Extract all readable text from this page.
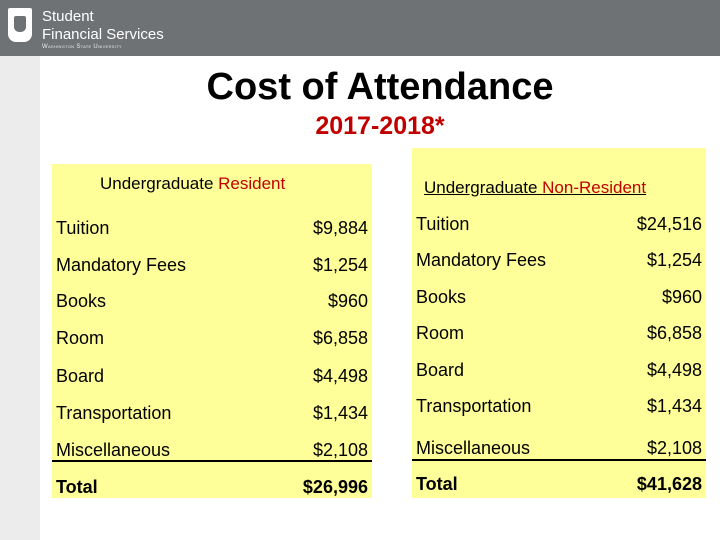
Student
Financial Services
Washington State University
Cost of Attendance
2017-2018*
Undergraduate Resident
Tuition	$9,884
Mandatory Fees	$1,254
Books	$960
Room	$6,858
Board	$4,498
Transportation	$1,434
Miscellaneous	$2,108
Total	$26,996
Undergraduate Non-Resident
Tuition	$24,516
Mandatory Fees	$1,254
Books	$960
Room	$6,858
Board	$4,498
Transportation	$1,434
Miscellaneous	$2,108
Total	$41,628
